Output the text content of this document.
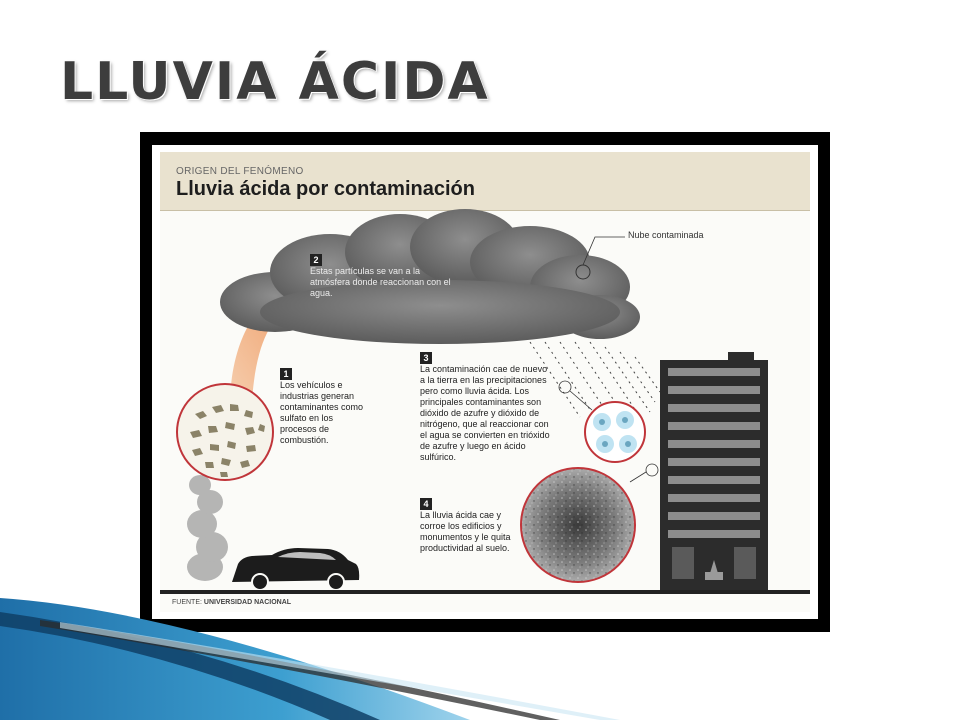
LLUVIA ÁCIDA
ORIGEN DEL FENÓMENO
Lluvia ácida por contaminación
2
Estas partículas se van a la atmósfera donde reaccionan con el agua.
1
Los vehículos e industrias generan contaminantes como sulfato en los procesos de combustión.
3
La contaminación cae de nuevo a la tierra en las precipitaciones pero como lluvia ácida. Los principales contaminantes son dióxido de azufre y dióxido de nitrógeno, que al reaccionar con el agua se convierten en trióxido de azufre y luego en ácido sulfúrico.
4
La lluvia ácida cae y corroe los edificios y monumentos y le quita productividad al suelo.
Nube contaminada
FUENTE: UNIVERSIDAD NACIONAL
